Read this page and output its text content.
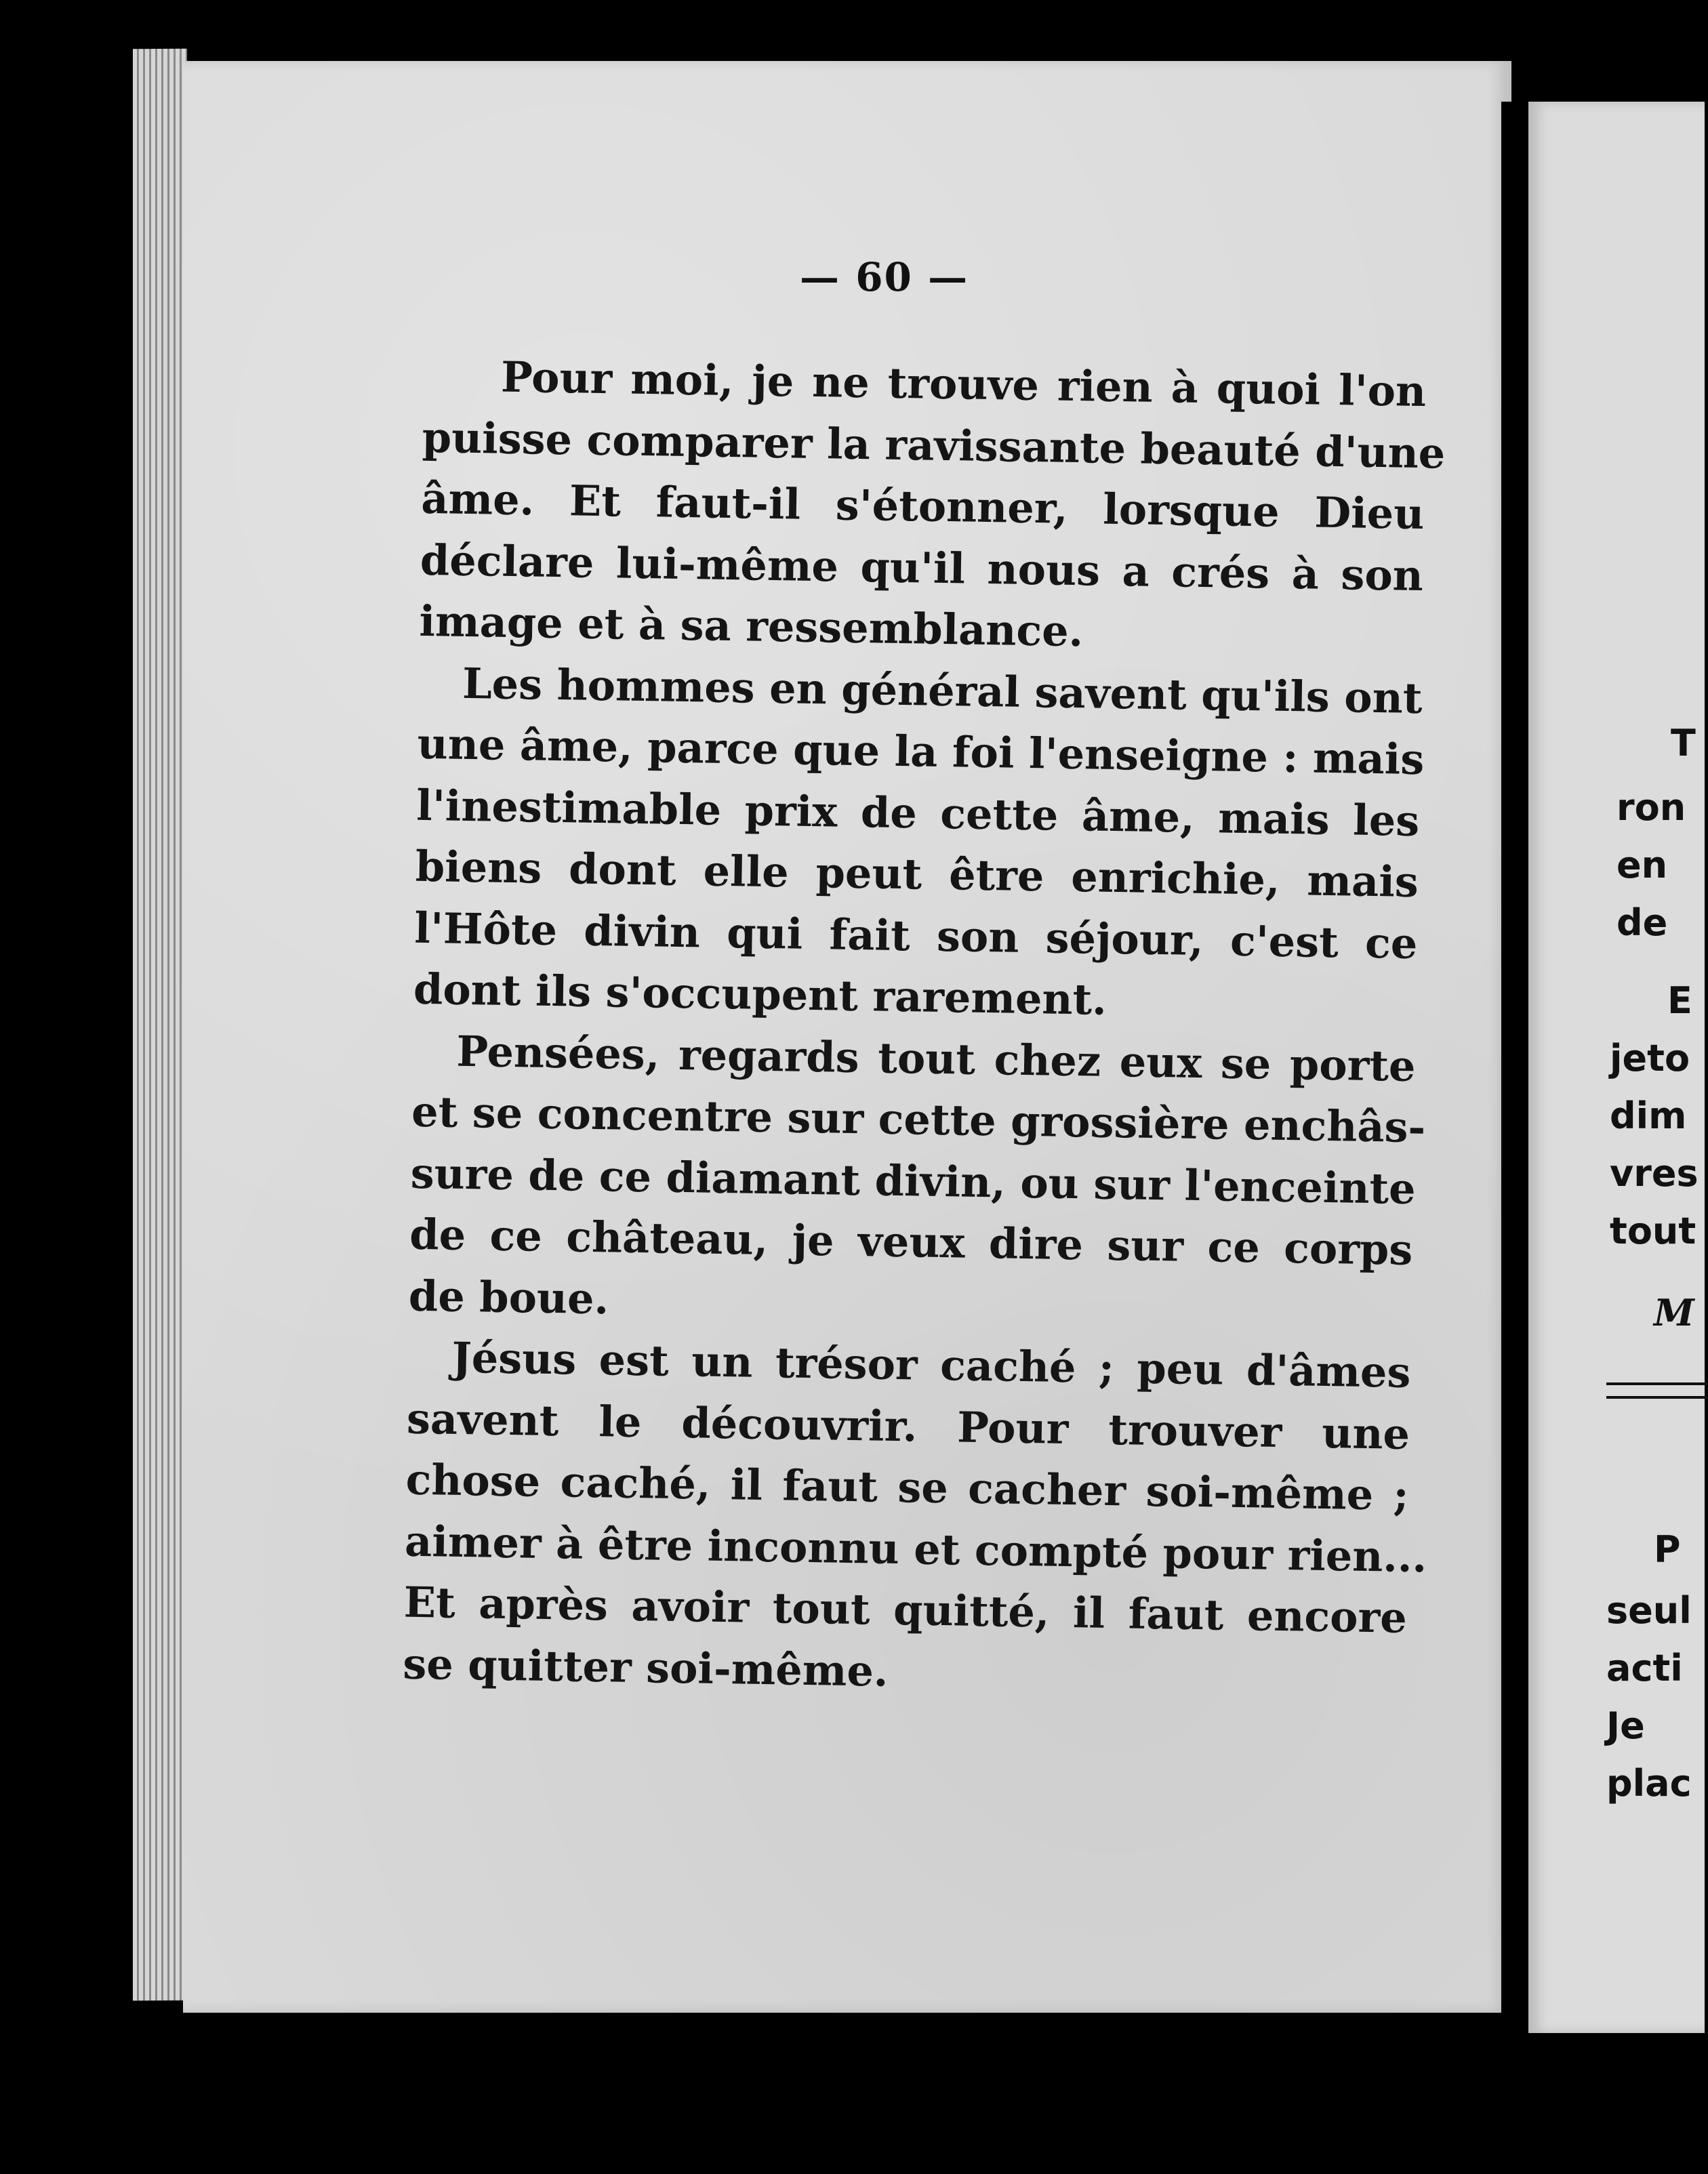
— 60 —
Pour moi, je ne trouve rien à quoi l'on
puisse comparer la ravissante beauté d'une
âme. Et faut-il s'étonner, lorsque Dieu
déclare lui-même qu'il nous a crés à son
image et à sa ressemblance.
Les hommes en général savent qu'ils ont
une âme, parce que la foi l'enseigne : mais
l'inestimable prix de cette âme, mais les
biens dont elle peut être enrichie, mais
l'Hôte divin qui fait son séjour, c'est ce
dont ils s'occupent rarement.
Pensées, regards tout chez eux se porte
et se concentre sur cette grossière enchâs-
sure de ce diamant divin, ou sur l'enceinte
de ce château, je veux dire sur ce corps
de boue.
Jésus est un trésor caché ; peu d'âmes
savent le découvrir. Pour trouver une
chose caché, il faut se cacher soi-même ;
aimer à être inconnu et compté pour rien...
Et après avoir tout quitté, il faut encore
se quitter soi-même.
T
ron
en
de
E
jeto
dim
vres
tout
M
P
seul
acti
Je
plac
